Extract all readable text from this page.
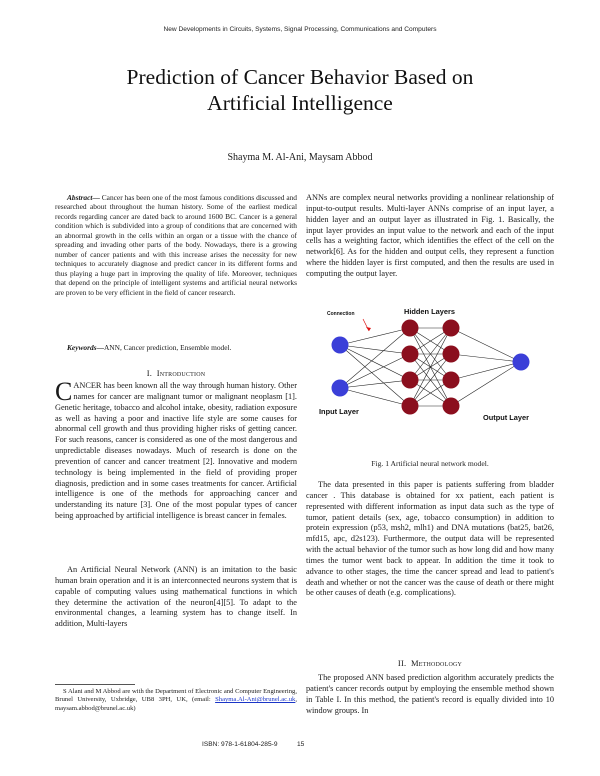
New Developments in Circuits, Systems, Signal Processing, Communications and Computers
Prediction of Cancer Behavior Based on
Artificial Intelligence
Shayma M. Al-Ani, Maysam Abbod

Abstract— Cancer has been one of the most famous conditions discussed and researched about throughout the human history. Some of the earliest medical records regarding cancer are dated back to around 1600 BC. Cancer is a general condition which is subdivided into a group of conditions that are concerned with an abnormal growth in the cells within an organ or a tissue with the chance of spreading and invading other parts of the body. Nowadays, there is a growing number of cancer patients and with this increase arises the necessity for new techniques to accurately diagnose and predict cancer in its different forms and thus playing a huge part in improving the quality of life. Moreover, techniques that depend on the principle of intelligent systems and artificial neural networks are proven to be very efficient in the field of cancer research.

Keywords—ANN, Cancer prediction, Ensemble model.

I. Introduction

CANCER has been known all the way through human history. Other names for cancer are malignant tumor or malignant neoplasm [1]. Genetic heritage, tobacco and alcohol intake, obesity, radiation exposure as well as having a poor and inactive life style are some causes for abnormal cell growth and thus providing higher risks of getting cancer. For such reasons, cancer is considered as one of the most dangerous and unpredictable diseases nowadays. Much of research is done on the prevention of cancer and cancer treatment [2]. Innovative and modern technology is being implemented in the field of providing proper diagnosis, prediction and in some cases treatments for cancer. Artificial intelligence is one of the methods for approaching cancer and understanding its nature [3]. One of the most popular types of cancer being approached by artificial intelligence is breast cancer in females.

An Artificial Neural Network (ANN) is an imitation to the basic human brain operation and it is an interconnected neurons system that is capable of computing values using mathematical functions in which they determine the activation of the neuron[4][5]. To adapt to the environmental changes, a learning system has to change itself. In addition, Multi-layers

S Alani and M Abbod are with the Department of Electronic and Computer Engineering, Brunel University, Uxbridge, UB8 3PH, UK, (email: Shayma.Al-Ani@brunel.ac.uk, maysam.abbod@brunel.ac.uk)

ANNs are complex neural networks providing a nonlinear relationship of input-to-output results. Multi-layer ANNs comprise of an input layer, a hidden layer and an output layer as illustrated in Fig. 1. Basically, the input layer provides an input value to the network and each of the input cells has a weighting factor, which identifies the effect of the cell on the network[6]. As for the hidden and output cells, they represent a function where the hidden layer is first computed, and then the results are used in computing the output layer.

Connection	Hidden Layers
Input Layer
Output Layer
Fig. 1 Artificial neural network model.

The data presented in this paper is patients suffering from bladder cancer . This database is obtained for xx patient, each patient is represented with different information as input data such as the type of tumor, patient details (sex, age, tobacco consumption) in addition to protein expression (p53, msh2, mlh1) and DNA mutations (bat25, bat26, mfd15, apc, d2s123). Furthermore, the output data will be represented with the actual behavior of the tumor such as how long did and how many times the tumor went back to appear. In addition the time it took to advance to other stages, the time the cancer spread and lead to patient's death and whether or not the cancer was the cause of death or there might be other causes of death (e.g. complications).

II. Methodology

The proposed ANN based prediction algorithm accurately predicts the patient's cancer records output by employing the ensemble method shown in Table I. In this method, the patient's record is equally divided into 10 window groups. In

ISBN: 978-1-61804-285-9	15
